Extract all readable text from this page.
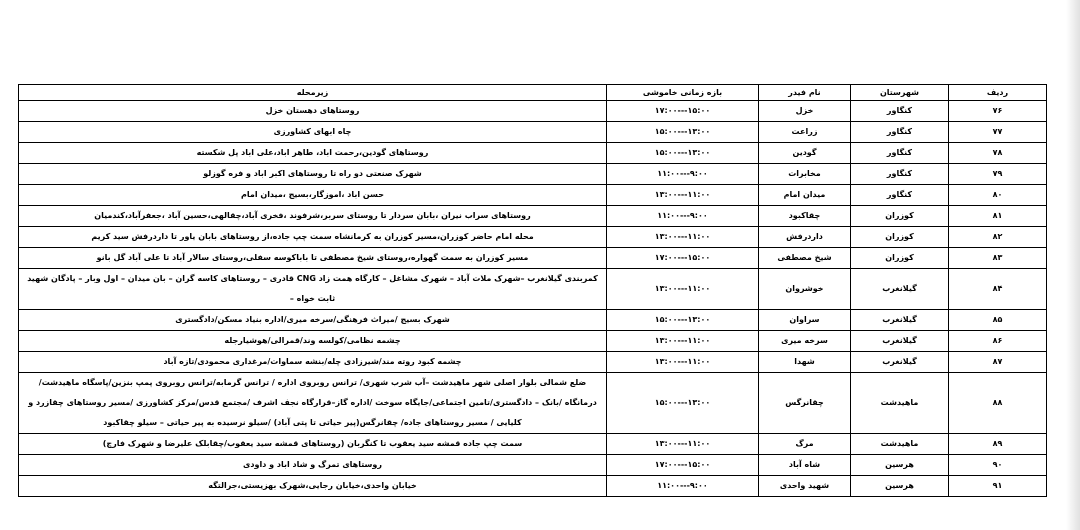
ردیف	شهرستان	نام فیدر	بازه زمانی خاموشی	زیرمحله
۷۶	کنگاور	خزل	۱۵:۰۰---۱۷:۰۰	روستاهای دهستان خزل
۷۷	کنگاور	زراعت	۱۳:۰۰---۱۵:۰۰	چاه ابهای کشاورزی
۷۸	کنگاور	گودین	۱۳:۰۰---۱۵:۰۰	روستاهای گودین،رحمت اباد، طاهر اباد،علی اباد پل شکسته
۷۹	کنگاور	مخابرات	۹:۰۰---۱۱:۰۰	شهرک صنعتی دو راه تا روستاهای اکبر اباد و فره گوزلو
۸۰	کنگاور	میدان امام	۱۱:۰۰---۱۳:۰۰	حسن اباد ،اموزگار،بسیج ،میدان امام
۸۱	کوزران	چقاکبود	۹:۰۰---۱۱:۰۰	روستاهای سراب نیران ،بابان سردار تا روستای سربر،شرفوند ،فخری آباد،چقالهی،حسین آباد ،جعفرآباد،کندمیان
۸۲	کوزران	داردرفش	۱۱:۰۰---۱۳:۰۰	محله امام حاضر کوزران،مسیر کوزران به کرمانشاه سمت چپ جاده،از روستاهای بابان یاور تا داردرفش سید کریم
۸۳	کوزران	شیخ مصطفی	۱۵:۰۰---۱۷:۰۰	مسیر کوزران به سمت گهواره،روستای شیخ مصطفی تا باباکوسه سفلی،روستای سالار آباد تا علی آباد گل بانو
۸۴	گیلانغرب	خوشروان	۱۱:۰۰---۱۳:۰۰	کمربندی گیلانغرب –شهرک ملات آباد – شهرک مشاغل – کارگاه همت زاد CNG قادری – روستاهای کاسه گران – بان میدان – اول وبار – پادگان شهید ثابت خواه –
۸۵	گیلانغرب	سراوان	۱۳:۰۰---۱۵:۰۰	شهرک بسیج /میراث فرهنگی/سرخه میری/اداره بنیاد مسکن/دادگستری
۸۶	گیلانغرب	سرخه میری	۱۱:۰۰---۱۳:۰۰	چشمه نظامی/کولسه وند/قمرالی/هوشیارجله
۸۷	گیلانغرب	شهدا	۱۱:۰۰---۱۳:۰۰	چشمه کبود روته مند/شیرزادی چله/بنشه سماوات/مرغداری محمودی/تازه آباد
۸۸	ماهیدشت	چقانرگس	۱۳:۰۰---۱۵:۰۰	ضلع شمالی بلوار اصلی شهر ماهیدشت –آب شرب شهری/ ترانس روبروی اداره / ترانس گرمابه/ترانس روبروی پمپ بنزین/پاسگاه ماهیدشت/ درمانگاه /بانک – دادگستری/تامین اجتماعی/جایگاه سوخت /اداره گاز–قرارگاه نجف اشرف /مجتمع قدس/مرکز کشاورزی /مسیر روستاهای چقازرد و کلیایی / مسیر روستاهای جاده/ چقانرگس(پیر حیاتی تا پتی آباد) /سیلو نرسیده به پیر حیاتی – سیلو چقاکبود
۸۹	ماهیدشت	مرگ	۱۱:۰۰---۱۳:۰۰	سمت چپ جاده قمشه سید یعقوب تا کنگربان (روستاهای قمشه سید یعقوب/چقابلک علیرضا و شهرک فارچ)
۹۰	هرسین	شاه آباد	۱۵:۰۰---۱۷:۰۰	روستاهای تمرگ و شاد اباد و داودی
۹۱	هرسین	شهید واحدی	۹:۰۰---۱۱:۰۰	خیابان واحدی،خیابان رجایی،شهرک بهزیستی،جرالتگه
